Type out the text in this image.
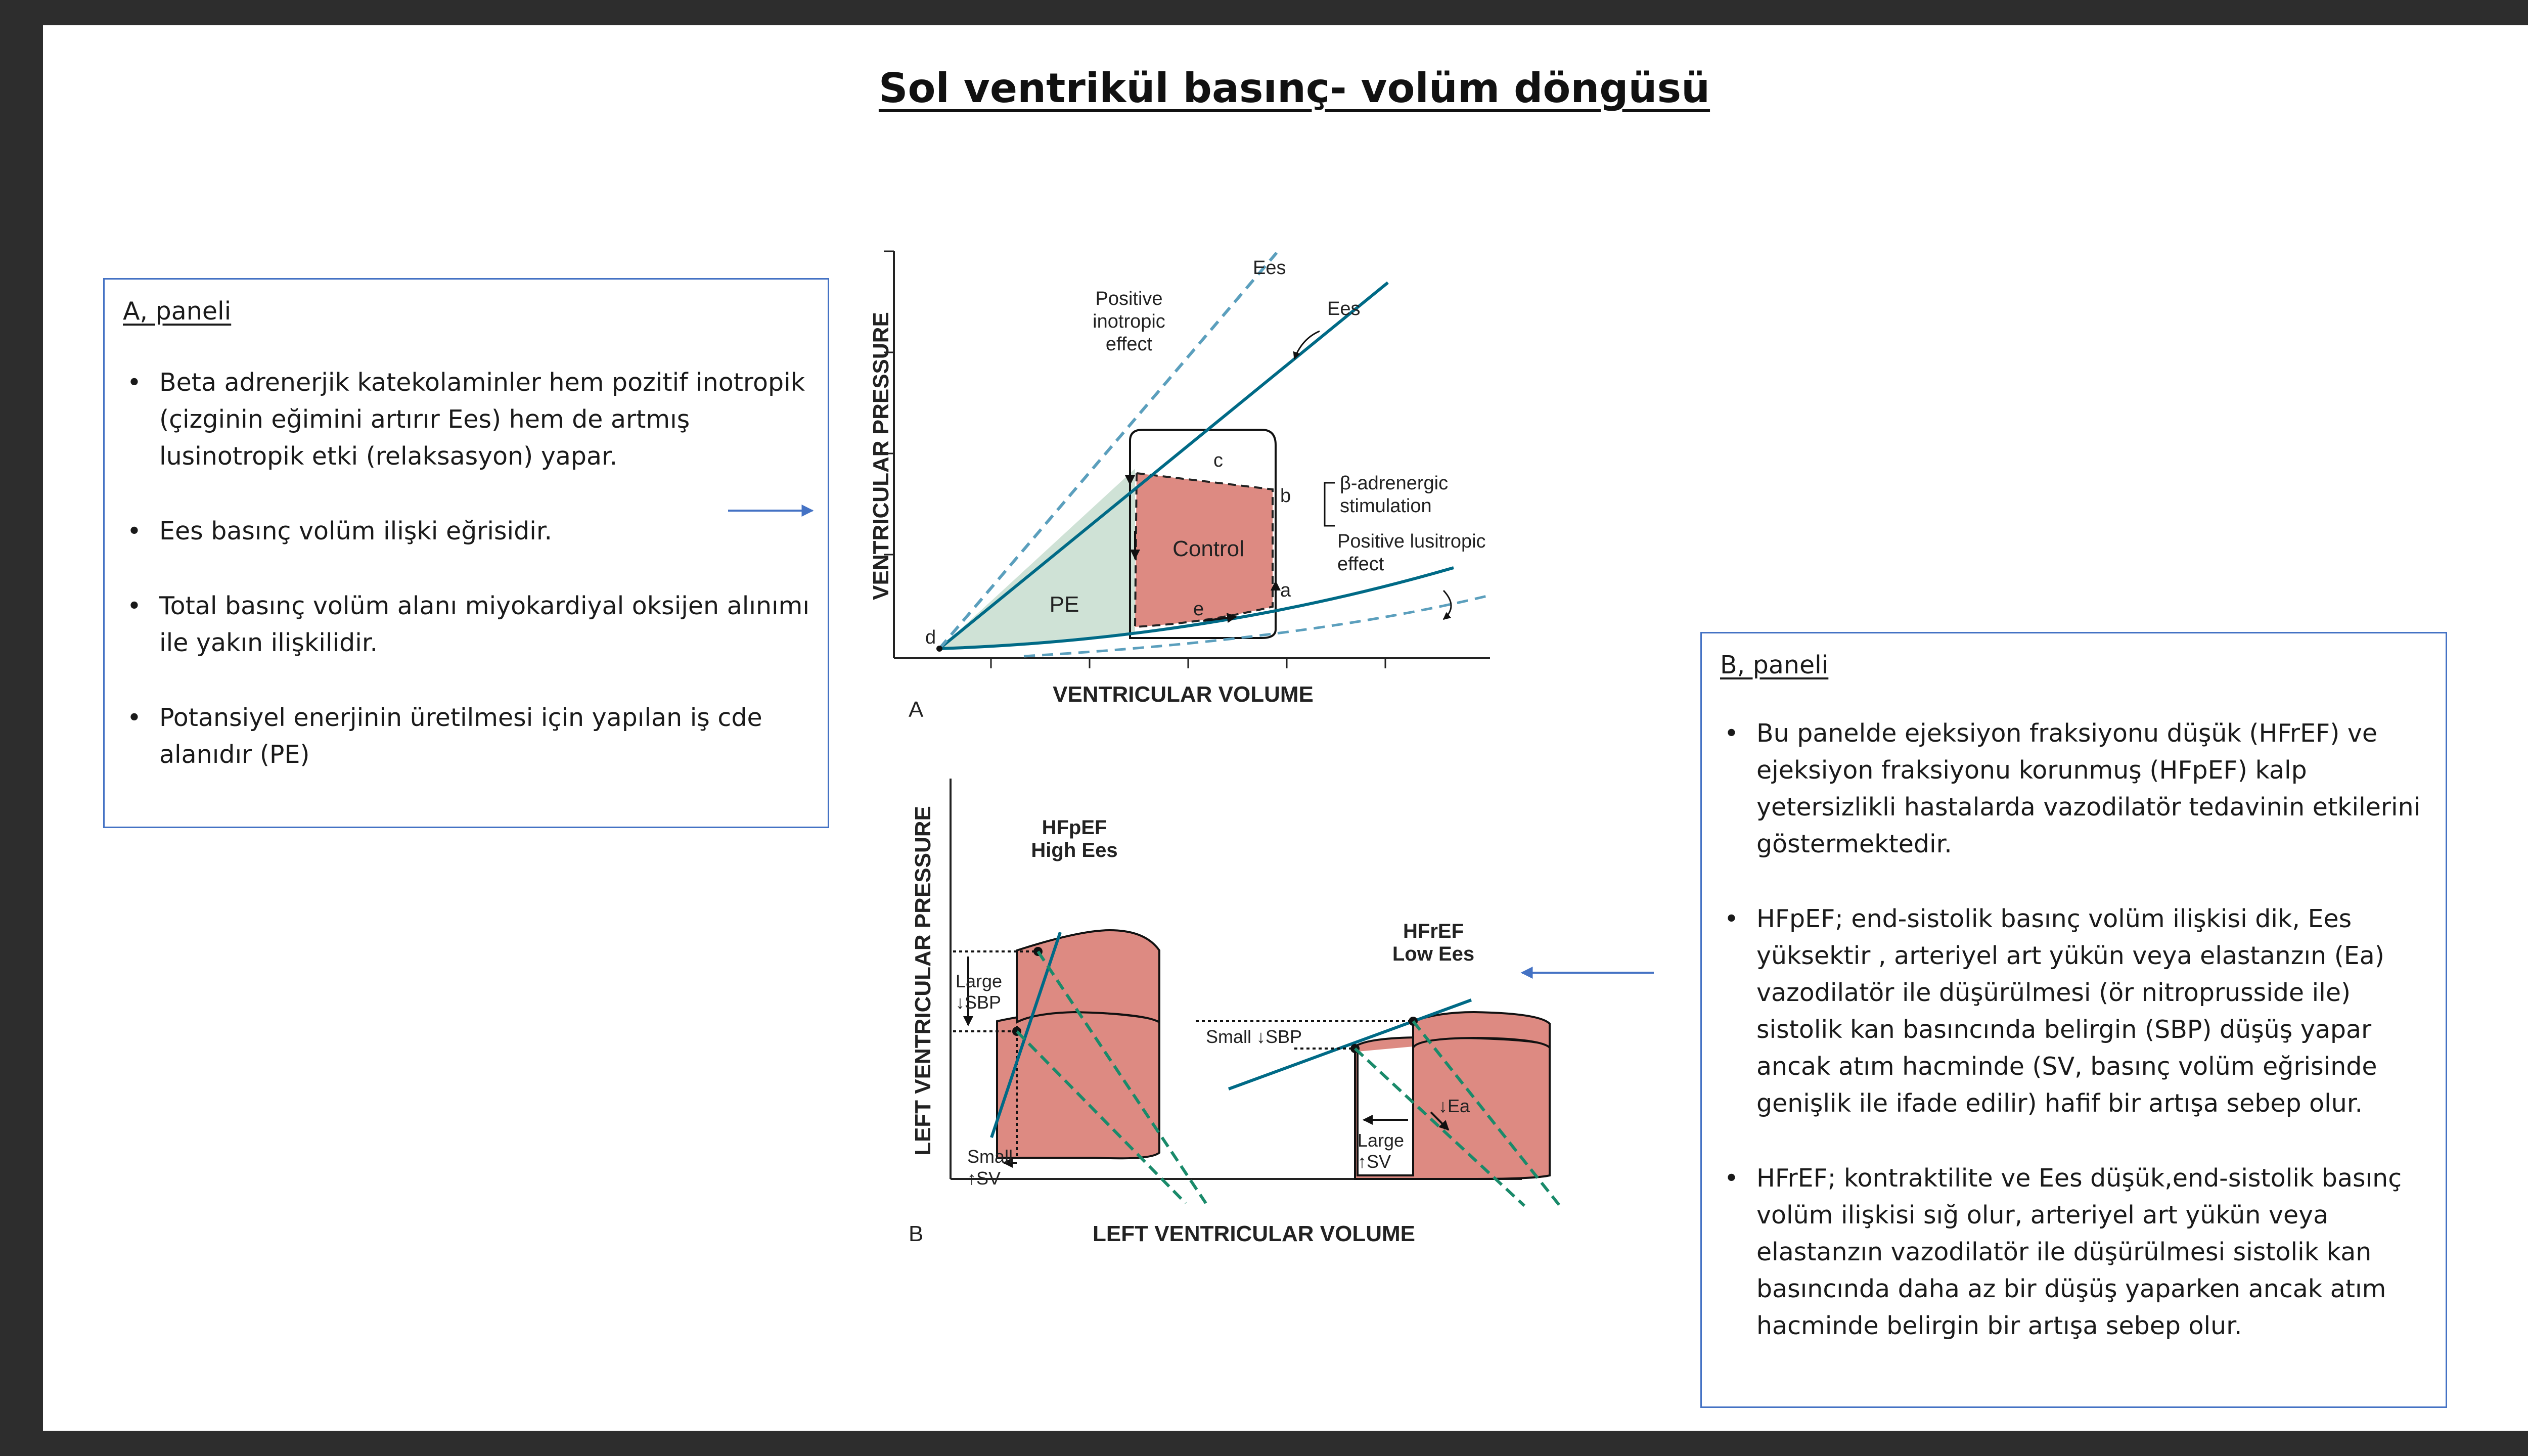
Sol ventrikül basınç- volüm döngüsü
A, paneli
• Beta adrenerjik katekolaminler hem pozitif inotropik (çizginin eğimini artırır Ees) hem de artmış lusinotropik etki (relaksasyon) yapar.
• Ees basınç volüm ilişki eğrisidir.
• Total basınç volüm alanı miyokardiyal oksijen alınımı ile yakın ilişkilidir.
• Potansiyel enerjinin üretilmesi için yapılan iş cde alanıdır (PE)
B, paneli
• Bu panelde ejeksiyon fraksiyonu düşük (HFrEF) ve ejeksiyon fraksiyonu korunmuş (HFpEF) kalp yetersizlikli hastalarda vazodilatör tedavinin etkilerini göstermektedir.
• HFpEF; end-sistolik basınç volüm ilişkisi dik, Ees yüksektir , arteriyel art yükün veya elastanzın (Ea) vazodilatör ile düşürülmesi (ör nitroprusside ile) sistolik kan basıncında belirgin (SBP) düşüş yapar ancak atım hacminde (SV, basınç volüm eğrisinde genişlik ile ifade edilir) hafif bir artışa sebep olur.
• HFrEF; kontraktilite ve Ees düşük,end-sistolik basınç volüm ilişkisi sığ olur, arteriyel art yükün veya elastanzın vazodilatör ile düşürülmesi sistolik kan basıncında daha az bir düşüş yaparken ancak atım hacminde belirgin bir artışa sebep olur.
VENTRICULAR PRESSURE
VENTRICULAR VOLUME
A
Ees
Ees
Positive
inotropic
effect
β-adrenergic
stimulation
Positive lusitropic
effect
Control
PE
c
b
a
e
d
LEFT VENTRICULAR PRESSURE
LEFT VENTRICULAR VOLUME
B
HFpEF
High Ees
HFrEF
Low Ees
Large
↓SBP
Small
↑SV
Small ↓SBP
Large
↑SV
↓Ea
